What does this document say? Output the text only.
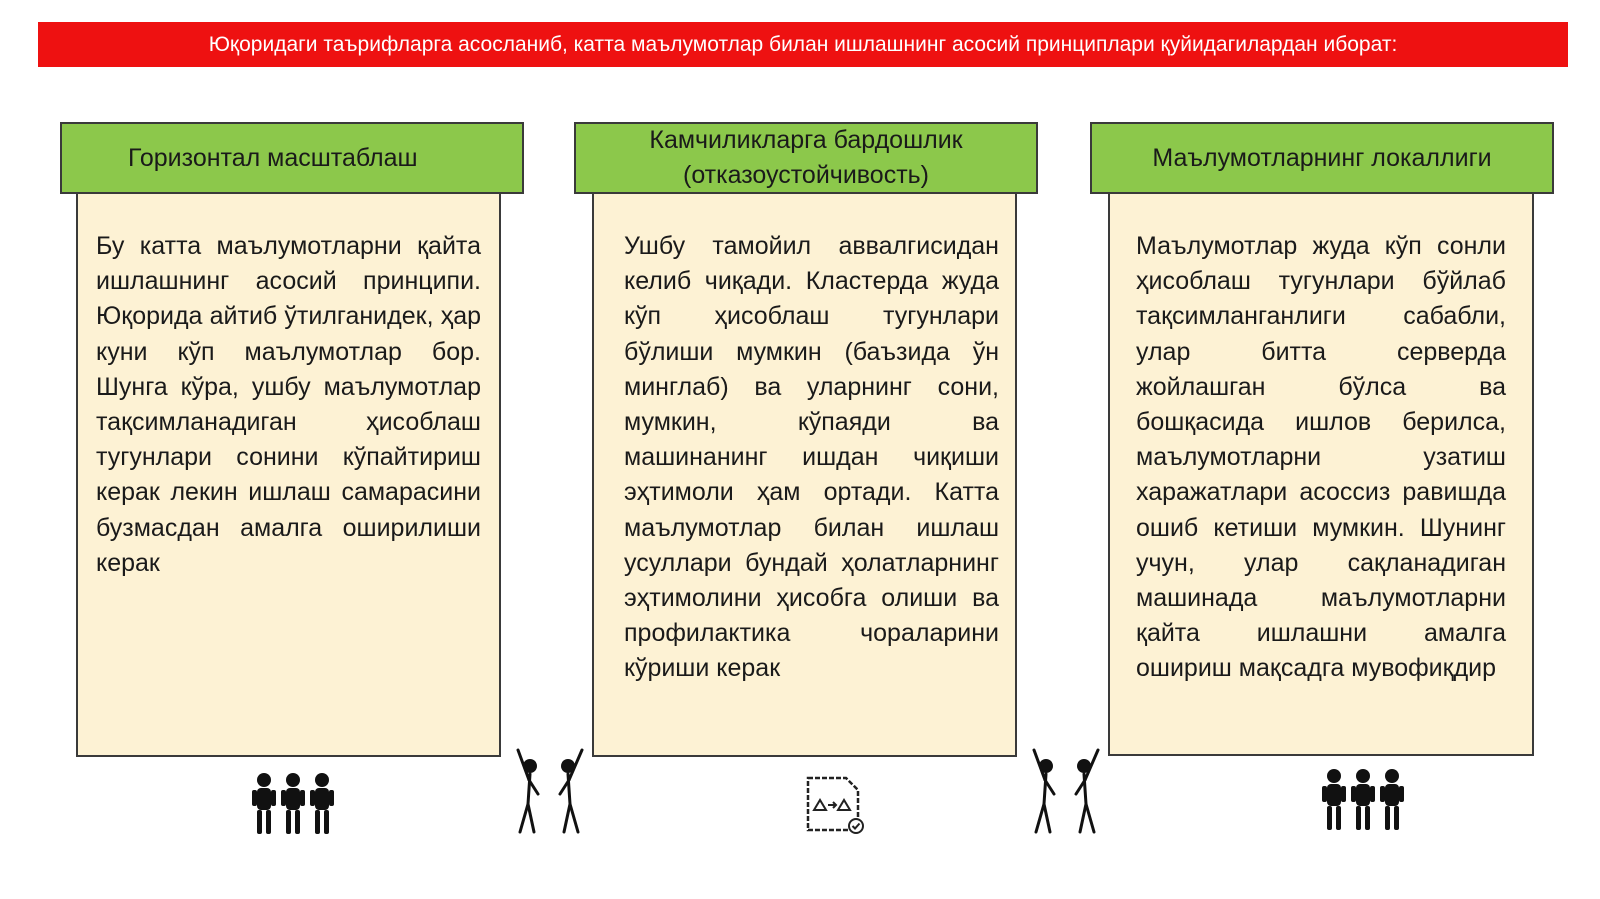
Юқоридаги таърифларга асосланиб, катта маълумотлар билан ишлашнинг асосий принциплари қуйидагилардан иборат:
Горизонтал масштаблаш
Бу катта маълумотларни қайта ишлашнинг асосий принципи. Юқорида айтиб ўтилганидек, ҳар куни кўп маълумотлар бор. Шунга кўра, ушбу маълумотлар тақсимланадиган ҳисоблаш тугунлари сонини кўпайтириш керак лекин ишлаш самарасини бузмасдан амалга оширилиши керак
Камчиликларга бардошлик (отказоустойчивость)
Ушбу тамойил аввалгисидан келиб чиқади. Кластерда жуда кўп ҳисоблаш тугунлари бўлиши мумкин (баъзида ўн минглаб) ва уларнинг сони, мумкин, кўпаяди ва машинанинг ишдан чиқиши эҳтимоли ҳам ортади. Катта маълумотлар билан ишлаш усуллари бундай ҳолатларнинг эҳтимолини ҳисобга олиши ва профилактика чораларини кўриши керак
Маълумотларнинг локаллиги
Маълумотлар жуда кўп сонли ҳисоблаш тугунлари бўйлаб тақсимланганлиги сабабли, улар битта серверда жойлашган бўлса ва бошқасида ишлов берилса, маълумотларни узатиш харажатлари асоссиз равишда ошиб кетиши мумкин. Шунинг учун, улар сақланадиган машинада маълумотларни қайта ишлашни амалга ошириш мақсадга мувофиқдир
